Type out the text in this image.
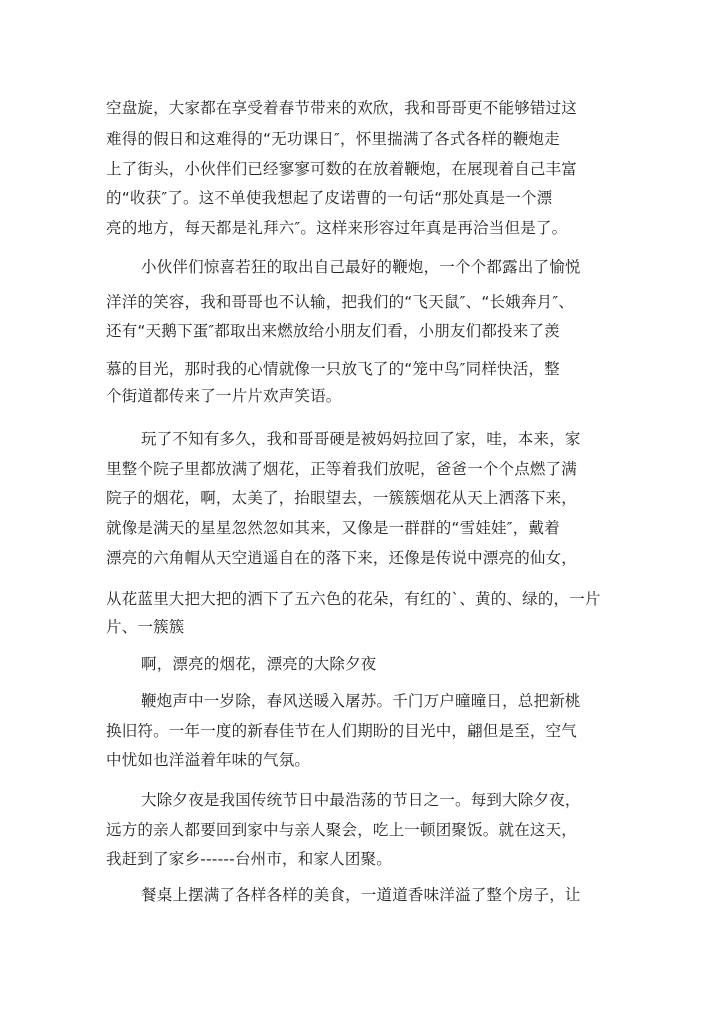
空盘旋，大家都在享受着春节带来的欢欣，我和哥哥更不能够错过这
难得的假日和这难得的“无功课日″，怀里揣满了各式各样的鞭炮走
上了街头，小伙伴们已经寥寥可数的在放着鞭炮，在展现着自己丰富
的“收获″了。这不单使我想起了皮诺曹的一句话“那处真是一个漂
亮的地方，每天都是礼拜六″。这样来形容过年真是再洽当但是了。
小伙伴们惊喜若狂的取出自己最好的鞭炮，一个个都露出了愉悦
洋洋的笑容，我和哥哥也不认输，把我们的“飞天鼠″、“长娥奔月″、
还有“天鹅下蛋″都取出来燃放给小朋友们看，小朋友们都投来了羡
慕的目光，那时我的心情就像一只放飞了的“笼中鸟″同样快活，整
个街道都传来了一片片欢声笑语。
玩了不知有多久，我和哥哥硬是被妈妈拉回了家，哇，本来，家
里整个院子里都放满了烟花，正等着我们放呢，爸爸一个个点燃了满
院子的烟花，啊，太美了，抬眼望去，一簇簇烟花从天上洒落下来，
就像是满天的星星忽然忽如其来，又像是一群群的“雪娃娃″，戴着
漂亮的六角帽从天空逍遥自在的落下来，还像是传说中漂亮的仙女，
从花蓝里大把大把的洒下了五六色的花朵，有红的`、黄的、绿的，一片
片、一簇簇
啊，漂亮的烟花，漂亮的大除夕夜
鞭炮声中一岁除，春风送暖入屠苏。千门万户曈曈日，总把新桃
换旧符。一年一度的新春佳节在人们期盼的目光中，翩但是至，空气
中忧如也洋溢着年味的气氛。
大除夕夜是我国传统节日中最浩荡的节日之一。每到大除夕夜，
远方的亲人都要回到家中与亲人聚会，吃上一顿团聚饭。就在这天，
我赶到了家乡------台州市，和家人团聚。
餐桌上摆满了各样各样的美食，一道道香味洋溢了整个房子，让
